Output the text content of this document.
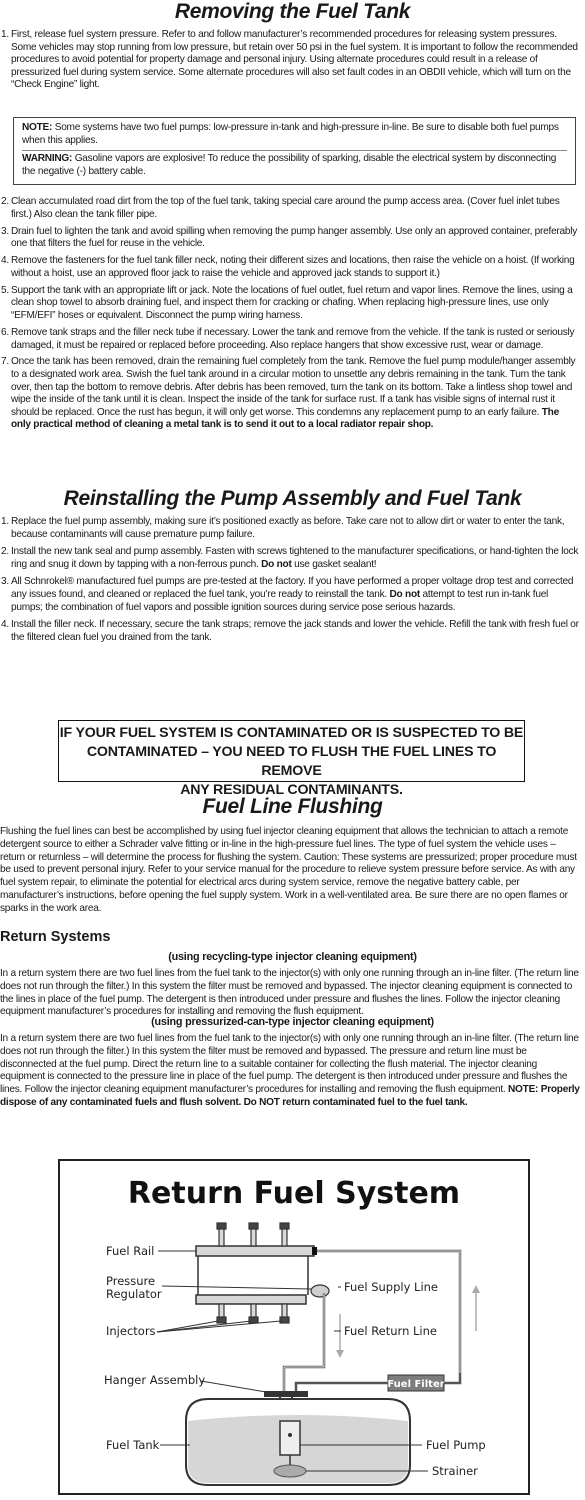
Removing the Fuel Tank
1. First, release fuel system pressure. Refer to and follow manufacturer’s recommended procedures for releasing system pressures. Some vehicles may stop running from low pressure, but retain over 50 psi in the fuel system. It is important to follow the recommended procedures to avoid potential for property damage and personal injury. Using alternate procedures could result in a release of pressurized fuel during system service. Some alternate procedures will also set fault codes in an OBDII vehicle, which will turn on the “Check Engine” light.

NOTE: Some systems have two fuel pumps: low-pressure in-tank and high-pressure in-line. Be sure to disable both fuel pumps when this applies.

WARNING: Gasoline vapors are explosive! To reduce the possibility of sparking, disable the electrical system by disconnecting the negative (-) battery cable.

2. Clean accumulated road dirt from the top of the fuel tank, taking special care around the pump access area. (Cover fuel inlet tubes first.) Also clean the tank filler pipe.
3. Drain fuel to lighten the tank and avoid spilling when removing the pump hanger assembly. Use only an approved container, preferably one that filters the fuel for reuse in the vehicle.
4. Remove the fasteners for the fuel tank filler neck, noting their different sizes and locations, then raise the vehicle on a hoist. (If working without a hoist, use an approved floor jack to raise the vehicle and approved jack stands to support it.)
5. Support the tank with an appropriate lift or jack. Note the locations of fuel outlet, fuel return and vapor lines. Remove the lines, using a clean shop towel to absorb draining fuel, and inspect them for cracking or chafing. When replacing high-pressure lines, use only “EFM/EFI” hoses or equivalent. Disconnect the pump wiring harness.
6. Remove tank straps and the filler neck tube if necessary. Lower the tank and remove from the vehicle. If the tank is rusted or seriously damaged, it must be repaired or replaced before proceeding. Also replace hangers that show excessive rust, wear or damage.
7. Once the tank has been removed, drain the remaining fuel completely from the tank. Remove the fuel pump module/hanger assembly to a designated work area. Swish the fuel tank around in a circular motion to unsettle any debris remaining in the tank. Turn the tank over, then tap the bottom to remove debris. After debris has been removed, turn the tank on its bottom. Take a lintless shop towel and wipe the inside of the tank until it is clean. Inspect the inside of the tank for surface rust. If a tank has visible signs of internal rust it should be replaced. Once the rust has begun, it will only get worse. This condemns any replacement pump to an early failure. The only practical method of cleaning a metal tank is to send it out to a local radiator repair shop.
Reinstalling the Pump Assembly and Fuel Tank
1. Replace the fuel pump assembly, making sure it’s positioned exactly as before. Take care not to allow dirt or water to enter the tank, because contaminants will cause premature pump failure.
2. Install the new tank seal and pump assembly. Fasten with screws tightened to the manufacturer specifications, or hand-tighten the lock ring and snug it down by tapping with a non-ferrous punch. Do not use gasket sealant!
3. All Schnrokel® manufactured fuel pumps are pre-tested at the factory. If you have performed a proper voltage drop test and corrected any issues found, and cleaned or replaced the fuel tank, you’re ready to reinstall the tank. Do not attempt to test run in-tank fuel pumps; the combination of fuel vapors and possible ignition sources during service pose serious hazards.
4. Install the filler neck. If necessary, secure the tank straps; remove the jack stands and lower the vehicle. Refill the tank with fresh fuel or the filtered clean fuel you drained from the tank.
IF YOUR FUEL SYSTEM IS CONTAMINATED OR IS SUSPECTED TO BE
CONTAMINATED – YOU NEED TO FLUSH THE FUEL LINES TO REMOVE
ANY RESIDUAL CONTAMINANTS.
Fuel Line Flushing

Flushing the fuel lines can best be accomplished by using fuel injector cleaning equipment that allows the technician to attach a remote detergent source to either a Schrader valve fitting or in-line in the high-pressure fuel lines. The type of fuel system the vehicle uses – return or returnless – will determine the process for flushing the system. Caution: These systems are pressurized; proper procedure must be used to prevent personal injury. Refer to your service manual for the procedure to relieve system pressure before service. As with any fuel system repair, to eliminate the potential for electrical arcs during system service, remove the negative battery cable, per manufacturer’s instructions, before opening the fuel supply system. Work in a well-ventilated area. Be sure there are no open flames or sparks in the work area.

Return Systems

(using recycling-type injector cleaning equipment)

In a return system there are two fuel lines from the fuel tank to the injector(s) with only one running through an in-line filter. (The return line does not run through the filter.) In this system the filter must be removed and bypassed. The injector cleaning equipment is connected to the lines in place of the fuel pump. The detergent is then introduced under pressure and flushes the lines. Follow the injector cleaning equipment manufacturer’s procedures for installing and removing the flush equipment.

(using pressurized-can-type injector cleaning equipment)

In a return system there are two fuel lines from the fuel tank to the injector(s) with only one running through an in-line filter. (The return line does not run through the filter.) In this system the filter must be removed and bypassed. The pressure and return line must be disconnected at the fuel pump. Direct the return line to a suitable container for collecting the flush material. The injector cleaning equipment is connected to the pressure line in place of the fuel pump. The detergent is then introduced under pressure and flushes the lines. Follow the injector cleaning equipment manufacturer’s procedures for installing and removing the flush equipment. NOTE: Properly dispose of any contaminated fuels and flush solvent. Do NOT return contaminated fuel to the fuel tank.

Return Fuel System
Fuel Filter
Fuel Rail
Pressure
Regulator
Injectors
Fuel Supply Line
Fuel Return Line
Hanger Assembly
Fuel Tank	Fuel Pump
Strainer
